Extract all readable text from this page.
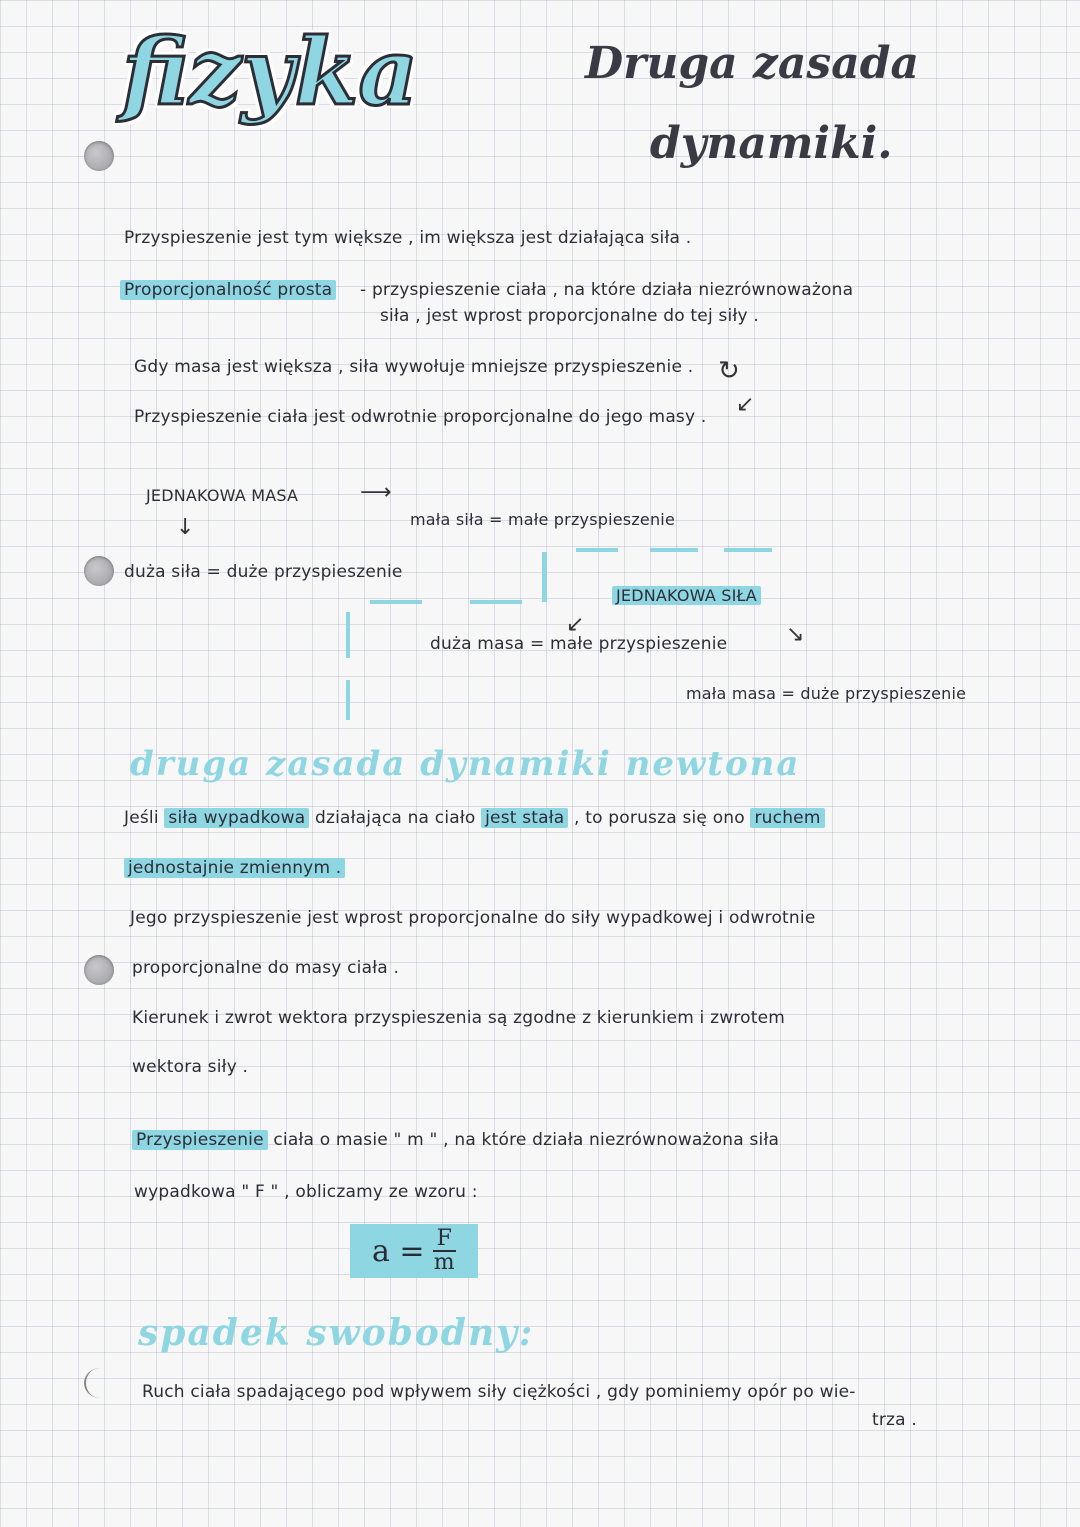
fizyka	Druga zasada
dynamiki.
Przyspieszenie jest tym większe , im większa jest działająca siła .
Proporcjonalność prosta - przyspieszenie ciała , na które działa niezrównoważona
siła , jest wprost proporcjonalne do tej siły .
Gdy masa jest większa , siła wywołuje mniejsze przyspieszenie . ↻
↙
Przyspieszenie ciała jest odwrotnie proporcjonalne do jego masy .
JEDNAKOWA MASA	⟶
mała siła = małe przyspieszenie
↓
duża siła = duże przyspieszenie
JEDNAKOWA SIŁA
↙
duża masa = małe przyspieszenie	↘
mała masa = duże przyspieszenie
druga zasada dynamiki newtona
Jeśli siła wypadkowa działająca na ciało jest stała , to porusza się ono ruchem
jednostajnie zmiennym .
Jego przyspieszenie jest wprost proporcjonalne do siły wypadkowej i odwrotnie
proporcjonalne do masy ciała .
Kierunek i zwrot wektora przyspieszenia są zgodne z kierunkiem i zwrotem
wektora siły .
Przyspieszenie ciała o masie " m " , na które działa niezrównoważona siła
wypadkowa " F " , obliczamy ze wzoru :
$a = \frac{F}{m}$
spadek swobodny:
Ruch ciała spadającego pod wpływem siły ciężkości , gdy pominiemy opór po wie-
trza .
